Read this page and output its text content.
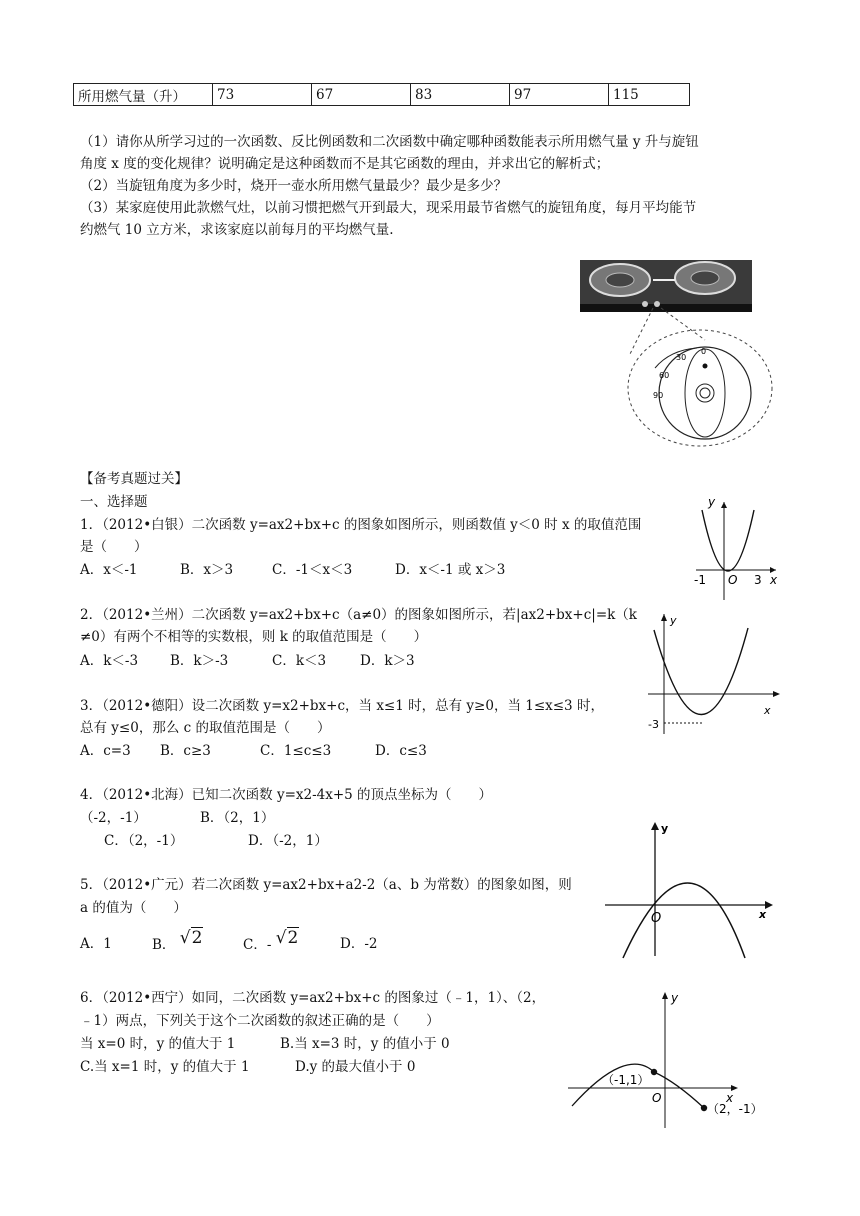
所用燃气量（升）	73	67	83	97	115
（1）请你从所学习过的一次函数、反比例函数和二次函数中确定哪种函数能表示所用燃气量 y 升与旋钮
角度 x 度的变化规律？说明确定是这种函数而不是其它函数的理由，并求出它的解析式；
（2）当旋钮角度为多少时，烧开一壶水所用燃气量最少？最少是多少？
（3）某家庭使用此款燃气灶，以前习惯把燃气开到最大，现采用最节省燃气的旋钮角度，每月平均能节
约燃气 10 立方米，求该家庭以前每月的平均燃气量.
0
30
60
90
【备考真题过关】
一、选择题
1．（2012•白银）二次函数 y=ax2+bx+c 的图象如图所示，则函数值 y＜0 时 x 的取值范围
是（　　）
A．x＜-1	B．x＞3	C．-1＜x＜3	D．x＜-1 或 x＞3
y
x
O
-1	3
2．（2012•兰州）二次函数 y=ax2+bx+c（a≠0）的图象如图所示，若|ax2+bx+c|=k（k
≠0）有两个不相等的实数根，则 k 的取值范围是（　　）
A．k＜-3 B．k＞-3	C．k＜3	D．k＞3
y
x
-3
3．（2012•德阳）设二次函数 y=x2+bx+c，当 x≤1 时，总有 y≥0，当 1≤x≤3 时，
总有 y≤0，那么 c 的取值范围是（　　）
A．c=3 B．c≥3	C．1≤c≤3	D．c≤3
4．（2012•北海）已知二次函数 y=x2-4x+5 的顶点坐标为（　　）
（-2，-1）	B．（2，1）
C．（2，-1）	D．（-2，1）
5．（2012•广元）若二次函数 y=ax2+bx+a2-2（a、b 为常数）的图象如图，则
a 的值为（　　）
A．1	B． √2	C．- √2	D．-2
y
x
O
6．（2012•西宁）如同，二次函数 y=ax2+bx+c 的图象过（﹣1，1）、（2，
﹣1）两点，下列关于这个二次函数的叙述正确的是（　　）
当 x=0 时，y 的值大于 1	B.当 x=3 时，y 的值小于 0
C.当 x=1 时，y 的值大于 1	D.y 的最大值小于 0
y
x
O
（-1,1）
（2，-1）
